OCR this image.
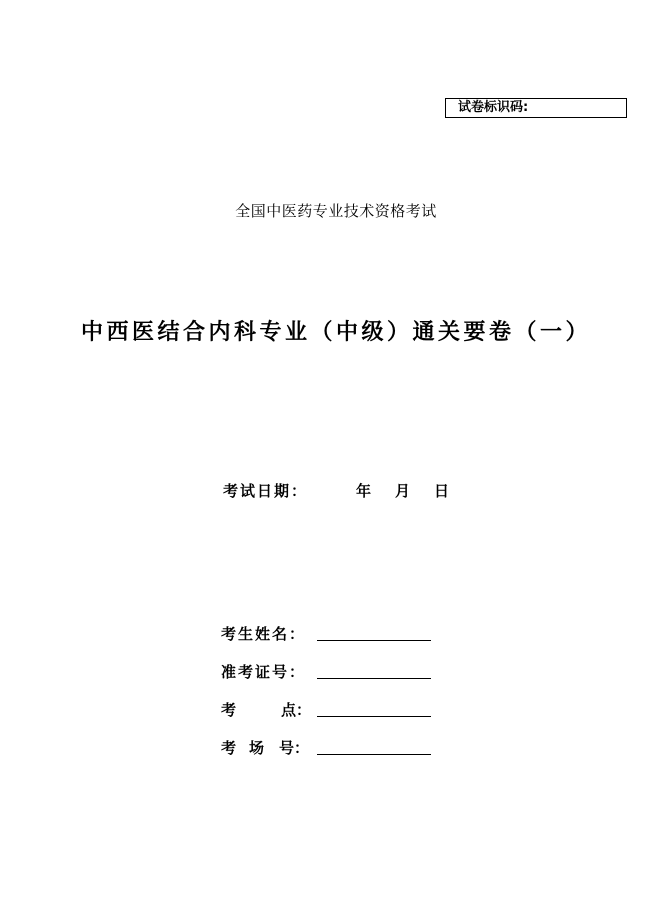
试卷标识码:
全国中医药专业技术资格考试
中西医结合内科专业（中级）通关要卷（一）
考试日期：	年 月 日
考生姓名：
准考证号：
考	点：
考 场 号：
